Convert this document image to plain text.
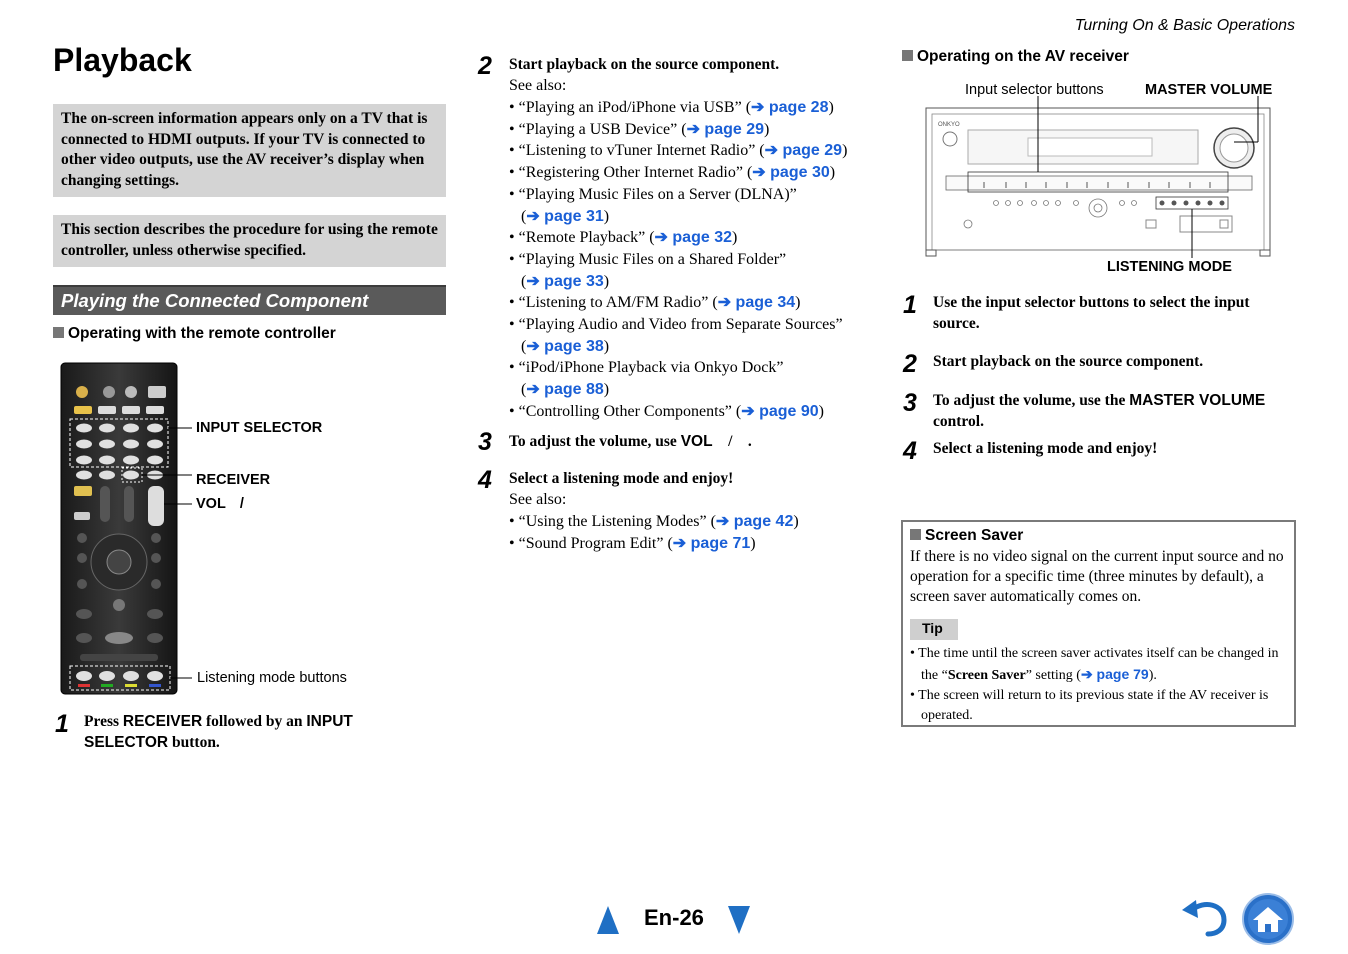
Turning On & Basic Operations
Playback
The on-screen information appears only on a TV that is connected to HDMI outputs. If your TV is connected to other video outputs, use the AV receiver’s display when changing settings.
This section describes the procedure for using the remote controller, unless otherwise specified.
Playing the Connected Component
Operating with the remote controller
INPUT SELECTOR
RECEIVER
VOL /
Listening mode buttons
1 Press RECEIVER followed by an INPUT SELECTOR button.
2 Start playback on the source component.
See also:
• “Playing an iPod/iPhone via USB” (➔ page 28)
• “Playing a USB Device” (➔ page 29)
• “Listening to vTuner Internet Radio” (➔ page 29)
• “Registering Other Internet Radio” (➔ page 30)
• “Playing Music Files on a Server (DLNA)”
(➔ page 31)
• “Remote Playback” (➔ page 32)
• “Playing Music Files on a Shared Folder”
(➔ page 33)
• “Listening to AM/FM Radio” (➔ page 34)
• “Playing Audio and Video from Separate Sources”
(➔ page 38)
• “iPod/iPhone Playback via Onkyo Dock”
(➔ page 88)
• “Controlling Other Components” (➔ page 90)
3 To adjust the volume, use VOL    /    .
4 Select a listening mode and enjoy!
See also:
• “Using the Listening Modes” (➔ page 42)
• “Sound Program Edit” (➔ page 71)
Operating on the AV receiver
Input selector buttons	MASTER VOLUME
LISTENING MODE
ONKYO
1 Use the input selector buttons to select the input source.
2 Start playback on the source component.
3 To adjust the volume, use the MASTER VOLUME control.
4 Select a listening mode and enjoy!
Screen Saver
If there is no video signal on the current input source and no operation for a specific time (three minutes by default), a screen saver automatically comes on.
Tip
• The time until the screen saver activates itself can be changed in the “Screen Saver” setting (➔ page 79).
• The screen will return to its previous state if the AV receiver is operated.
En-26
